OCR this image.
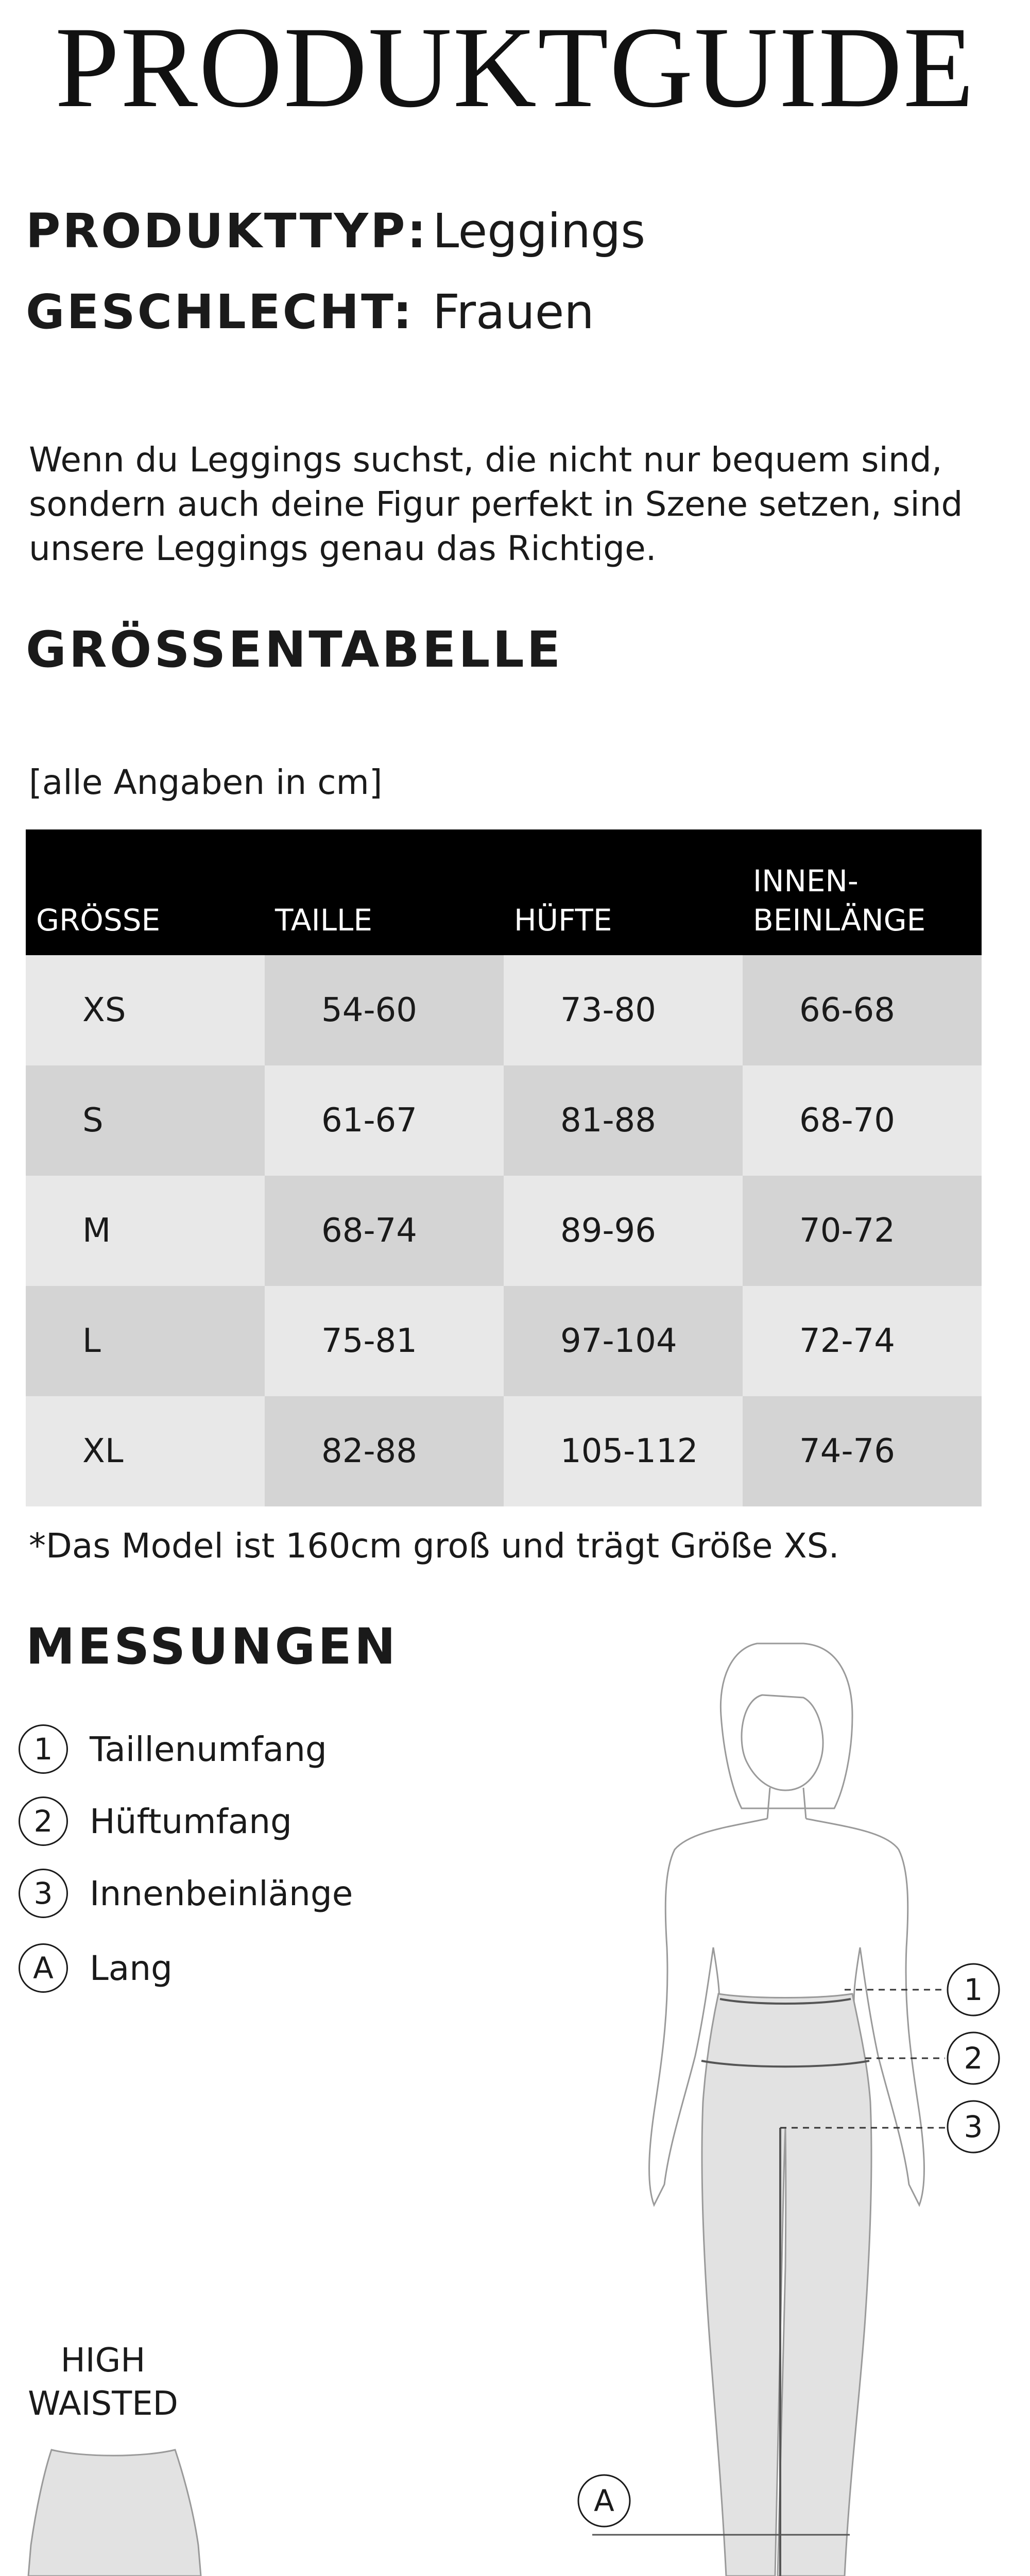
PRODUKTGUIDE
PRODUKTTYP: Leggings
GESCHLECHT: Frauen
Wenn du Leggings suchst, die nicht nur bequem sind, sondern auch deine Figur perfekt in Szene setzen, sind unsere Leggings genau das Richtige.
GRÖSSENTABELLE
[alle Angaben in cm]
GRÖSSE	TAILLE	HÜFTE	INNEN-
BEINLÄNGE
XS	54-60	73-80	66-68
S	61-67	81-88	68-70
M	68-74	89-96	70-72
L	75-81	97-104	72-74
XL	82-88	105-112	74-76
*Das Model ist 160cm groß und trägt Größe XS.
MESSUNGEN
1	Taillenumfang
2	Hüftumfang
3	Innenbeinlänge
A	Lang
1
2
3
A
HIGH
WAISTED
